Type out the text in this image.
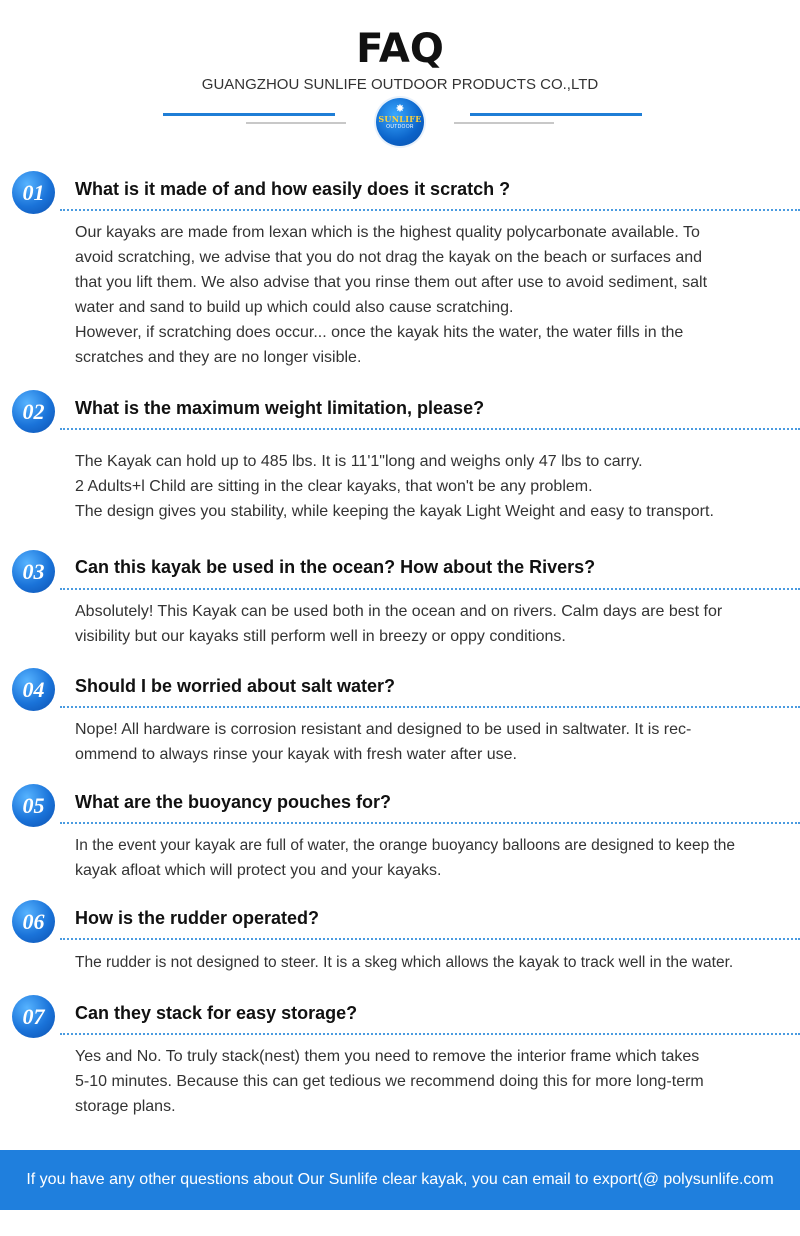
FAQ
GUANGZHOU SUNLIFE OUTDOOR PRODUCTS CO.,LTD
✸
SUNLIFE
OUTDOOR
01	What is it made of and how easily does it scratch ?

Our kayaks are made from lexan which is the highest quality polycarbonate available. To

avoid scratching, we advise that you do not drag the kayak on the beach or surfaces and

that you lift them. We also advise that you rinse them out after use to avoid sediment, salt

water and sand to build up which could also cause scratching.

However, if scratching does occur... once the kayak hits the water, the water fills in the

scratches and they are no longer visible.

02	What is the maximum weight limitation, please?

The Kayak can hold up to 485 lbs. It is 11'1"long and weighs only 47 lbs to carry.

2 Adults+l Child are sitting in the clear kayaks, that won't be any problem.

The design gives you stability, while keeping the kayak Light Weight and easy to transport.

03	Can this kayak be used in the ocean? How about the Rivers?

Absolutely! This Kayak can be used both in the ocean and on rivers. Calm days are best for

visibility but our kayaks still perform well in breezy or oppy conditions.

04	Should I be worried about salt water?

Nope! All hardware is corrosion resistant and designed to be used in saltwater. It is rec-

ommend to always rinse your kayak with fresh water after use.

05	What are the buoyancy pouches for?

In the event your kayak are full of water, the orange buoyancy balloons are designed to keep the

kayak afloat which will protect you and your kayaks.

06	How is the rudder operated?

The rudder is not designed to steer. It is a skeg which allows the kayak to track well in the water.

07	Can they stack for easy storage?

Yes and No. To truly stack(nest) them you need to remove the interior frame which takes

5-10 minutes. Because this can get tedious we recommend doing this for more long-term

storage plans.

If you have any other questions about Our Sunlife clear kayak, you can email to export(@ polysunlife.com
